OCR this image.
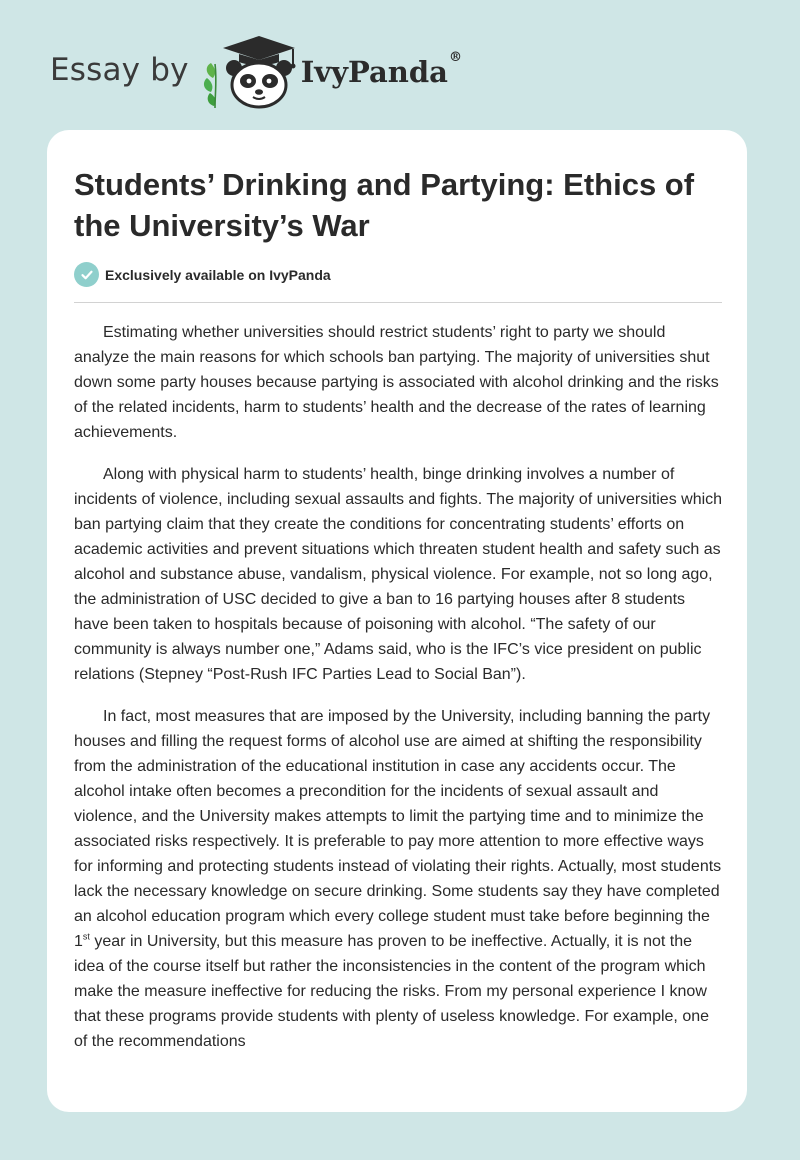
Essay by	IvyPanda®
Students’ Drinking and Partying: Ethics of the University’s War
Exclusively available on IvyPanda

Estimating whether universities should restrict students’ right to party we should analyze the main reasons for which schools ban partying. The majority of universities shut down some party houses because partying is associated with alcohol drinking and the risks of the related incidents, harm to students’ health and the decrease of the rates of learning achievements.

Along with physical harm to students’ health, binge drinking involves a number of incidents of violence, including sexual assaults and fights. The majority of universities which ban partying claim that they create the conditions for concentrating students’ efforts on academic activities and prevent situations which threaten student health and safety such as alcohol and substance abuse, vandalism, physical violence. For example, not so long ago, the administration of USC decided to give a ban to 16 partying houses after 8 students have been taken to hospitals because of poisoning with alcohol. “The safety of our community is always number one,” Adams said, who is the IFC’s vice president on public relations (Stepney “Post-Rush IFC Parties Lead to Social Ban”).

In fact, most measures that are imposed by the University, including banning the party houses and filling the request forms of alcohol use are aimed at shifting the responsibility from the administration of the educational institution in case any accidents occur. The alcohol intake often becomes a precondition for the incidents of sexual assault and violence, and the University makes attempts to limit the partying time and to minimize the associated risks respectively. It is preferable to pay more attention to more effective ways for informing and protecting students instead of violating their rights. Actually, most students lack the necessary knowledge on secure drinking. Some students say they have completed an alcohol education program which every college student must take before beginning the 1st year in University, but this measure has proven to be ineffective. Actually, it is not the idea of the course itself but rather the inconsistencies in the content of the program which make the measure ineffective for reducing the risks. From my personal experience I know that these programs provide students with plenty of useless knowledge. For example, one of the recommendations
